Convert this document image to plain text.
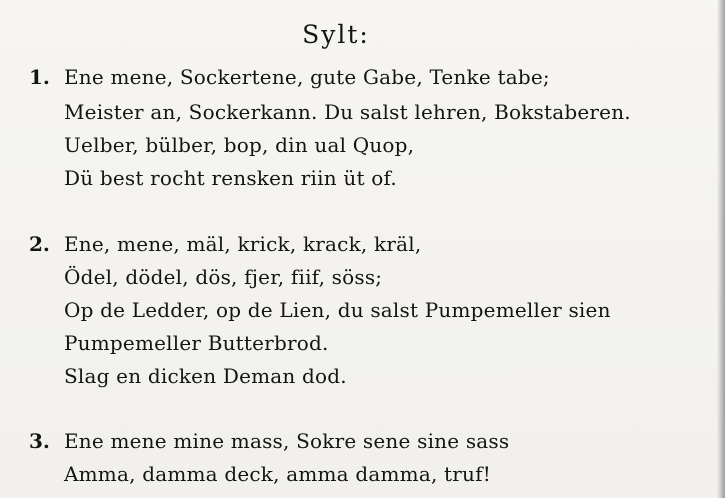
Sylt:
1. Ene mene, Sockertene, gute Gabe, Tenke tabe;
Meister an, Sockerkann. Du salst lehren, Bokstaberen.
Uelber, bülber, bop, din ual Quop,
Dü best rocht rensken riin üt of.
2. Ene, mene, mäl, krick, krack, kräl,
Ödel, dödel, dös, fjer, fiif, söss;
Op de Ledder, op de Lien, du salst Pumpemeller sien
Pumpemeller Butterbrod.
Slag en dicken Deman dod.
3. Ene mene mine mass, Sokre sene sine sass
Amma, damma deck, amma damma, truf!
